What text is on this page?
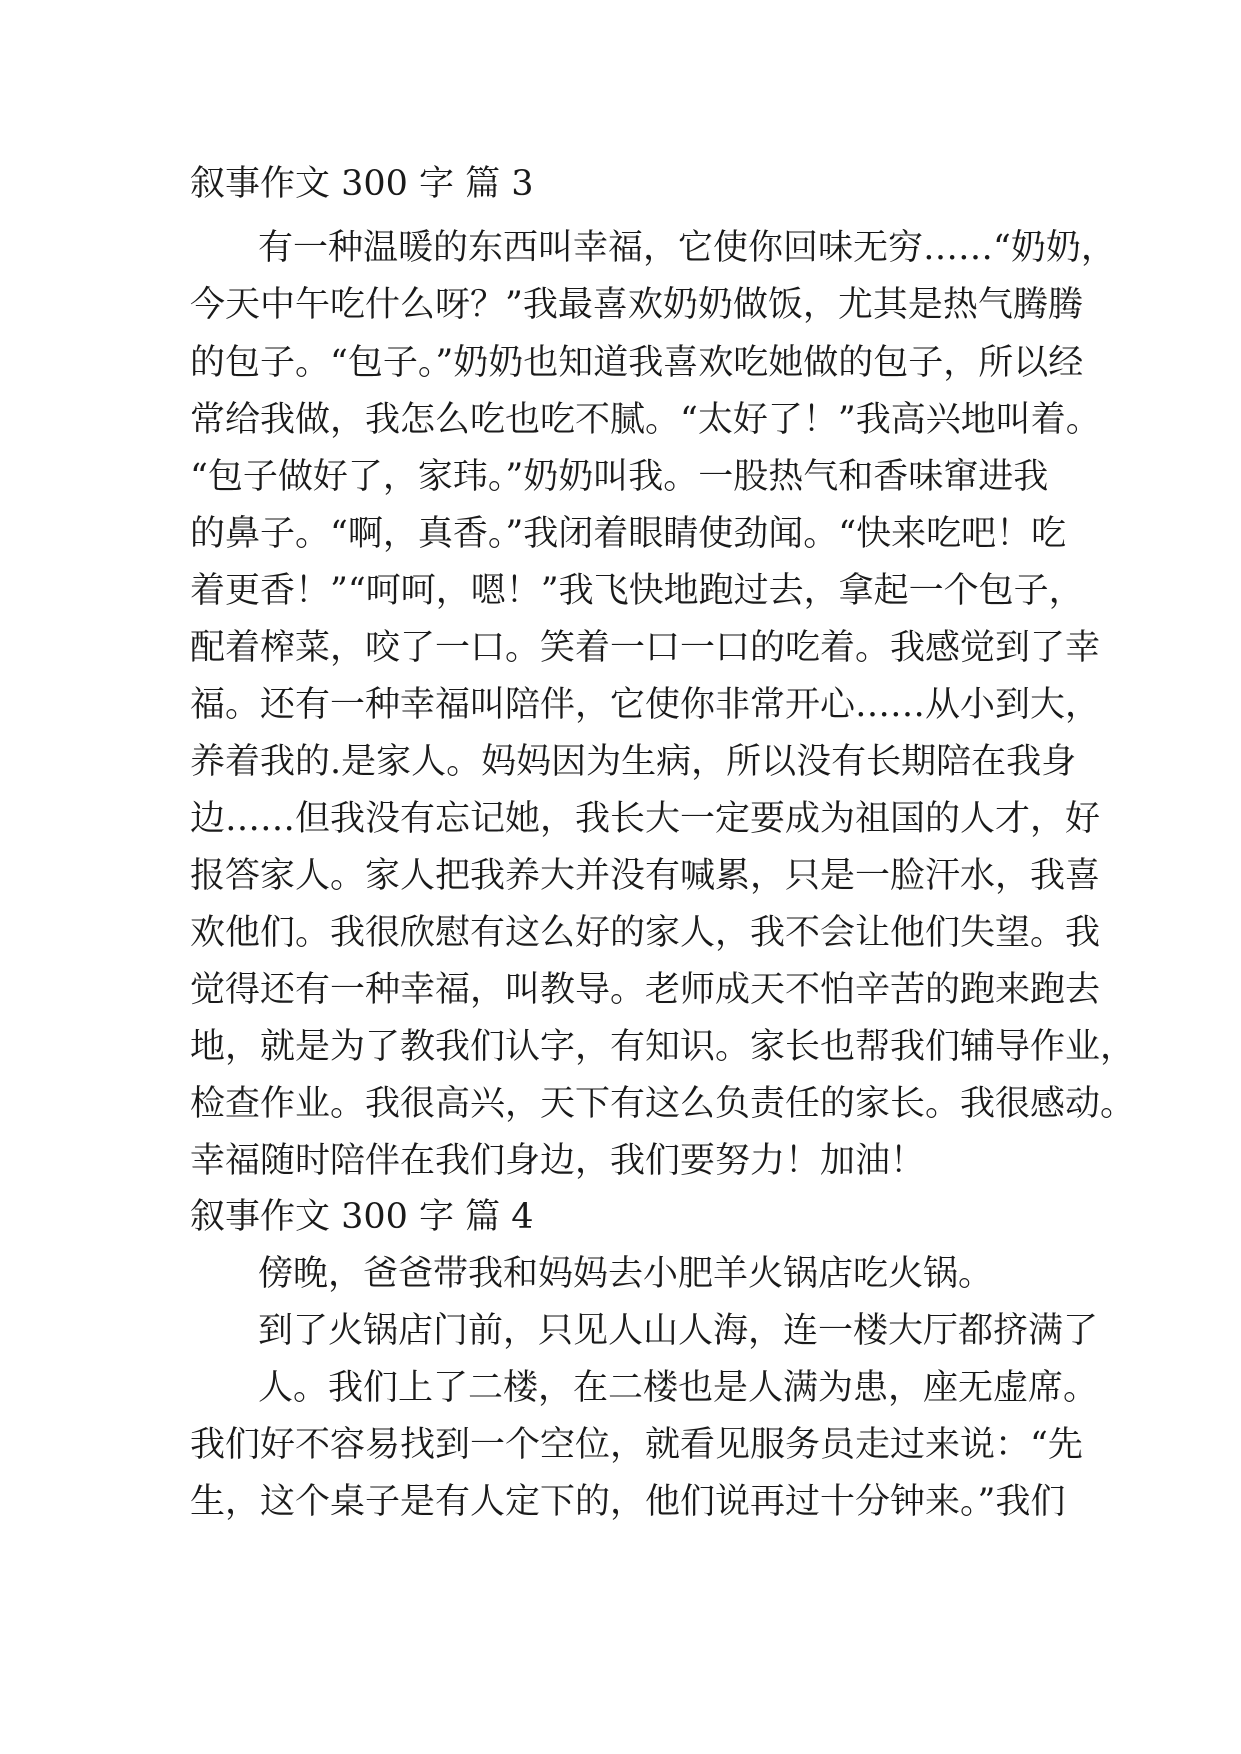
叙事作文 300 字 篇 3
有一种温暖的东西叫幸福，它使你回味无穷……“奶奶，
今天中午吃什么呀？”我最喜欢奶奶做饭，尤其是热气腾腾
的包子。“包子。”奶奶也知道我喜欢吃她做的包子，所以经
常给我做，我怎么吃也吃不腻。“太好了！”我高兴地叫着。
“包子做好了，家玮。”奶奶叫我。一股热气和香味窜进我
的鼻子。“啊，真香。”我闭着眼睛使劲闻。“快来吃吧！吃
着更香！”“呵呵，嗯！”我飞快地跑过去，拿起一个包子，
配着榨菜，咬了一口。笑着一口一口的吃着。我感觉到了幸
福。还有一种幸福叫陪伴，它使你非常开心……从小到大，
养着我的.是家人。妈妈因为生病，所以没有长期陪在我身
边……但我没有忘记她，我长大一定要成为祖国的人才，好
报答家人。家人把我养大并没有喊累，只是一脸汗水，我喜
欢他们。我很欣慰有这么好的家人，我不会让他们失望。我
觉得还有一种幸福，叫教导。老师成天不怕辛苦的跑来跑去
地，就是为了教我们认字，有知识。家长也帮我们辅导作业，
检查作业。我很高兴，天下有这么负责任的家长。我很感动。
幸福随时陪伴在我们身边，我们要努力！加油！
叙事作文 300 字 篇 4
傍晚，爸爸带我和妈妈去小肥羊火锅店吃火锅。
到了火锅店门前，只见人山人海，连一楼大厅都挤满了
人。我们上了二楼，在二楼也是人满为患，座无虚席。
我们好不容易找到一个空位，就看见服务员走过来说：“先
生，这个桌子是有人定下的，他们说再过十分钟来。”我们
